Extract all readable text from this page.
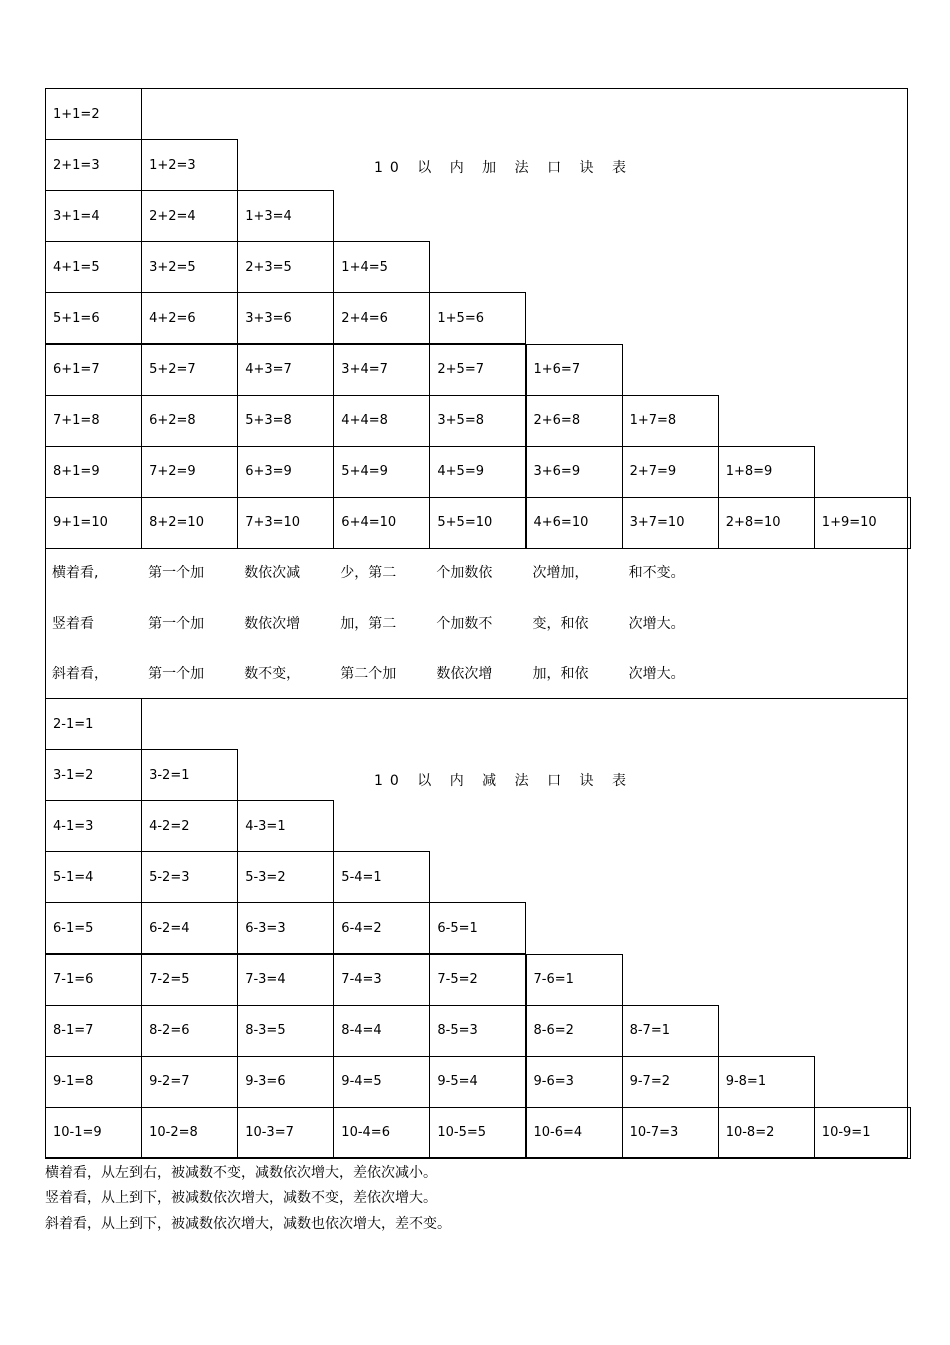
10 以 内 加 法 口 诀 表
1+1=2
2+1=3	1+2=3
3+1=4	2+2=4	1+3=4
4+1=5	3+2=5	2+3=5	1+4=5
5+1=6	4+2=6	3+3=6	2+4=6	1+5=6
6+1=7	5+2=7	4+3=7	3+4=7	2+5=7	1+6=7
7+1=8	6+2=8	5+3=8	4+4=8	3+5=8	2+6=8	1+7=8
8+1=9	7+2=9	6+3=9	5+4=9	4+5=9	3+6=9	2+7=9	1+8=9
9+1=10	8+2=10	7+3=10	6+4=10	5+5=10	4+6=10	3+7=10	2+8=10	1+9=10
横着看,	第一个加	数依次减	少，第二	个加数依	次增加，	和不变。
竖着看	第一个加	数依次增	加，第二	个加数不	变，和依	次增大。
斜着看，	第一个加	数不变，	第二个加	数依次增	加，和依	次增大。
10 以 内 减 法 口 诀 表
2-1=1
3-1=2	3-2=1
4-1=3	4-2=2	4-3=1
5-1=4	5-2=3	5-3=2	5-4=1
6-1=5	6-2=4	6-3=3	6-4=2	6-5=1
7-1=6	7-2=5	7-3=4	7-4=3	7-5=2	7-6=1
8-1=7	8-2=6	8-3=5	8-4=4	8-5=3	8-6=2	8-7=1
9-1=8	9-2=7	9-3=6	9-4=5	9-5=4	9-6=3	9-7=2	9-8=1
10-1=9	10-2=8	10-3=7	10-4=6	10-5=5	10-6=4	10-7=3	10-8=2	10-9=1
横着看，从左到右，被减数不变，减数依次增大，差依次减小。
竖着看，从上到下，被减数依次增大，减数不变，差依次增大。
斜着看，从上到下，被减数依次增大，减数也依次增大，差不变。
